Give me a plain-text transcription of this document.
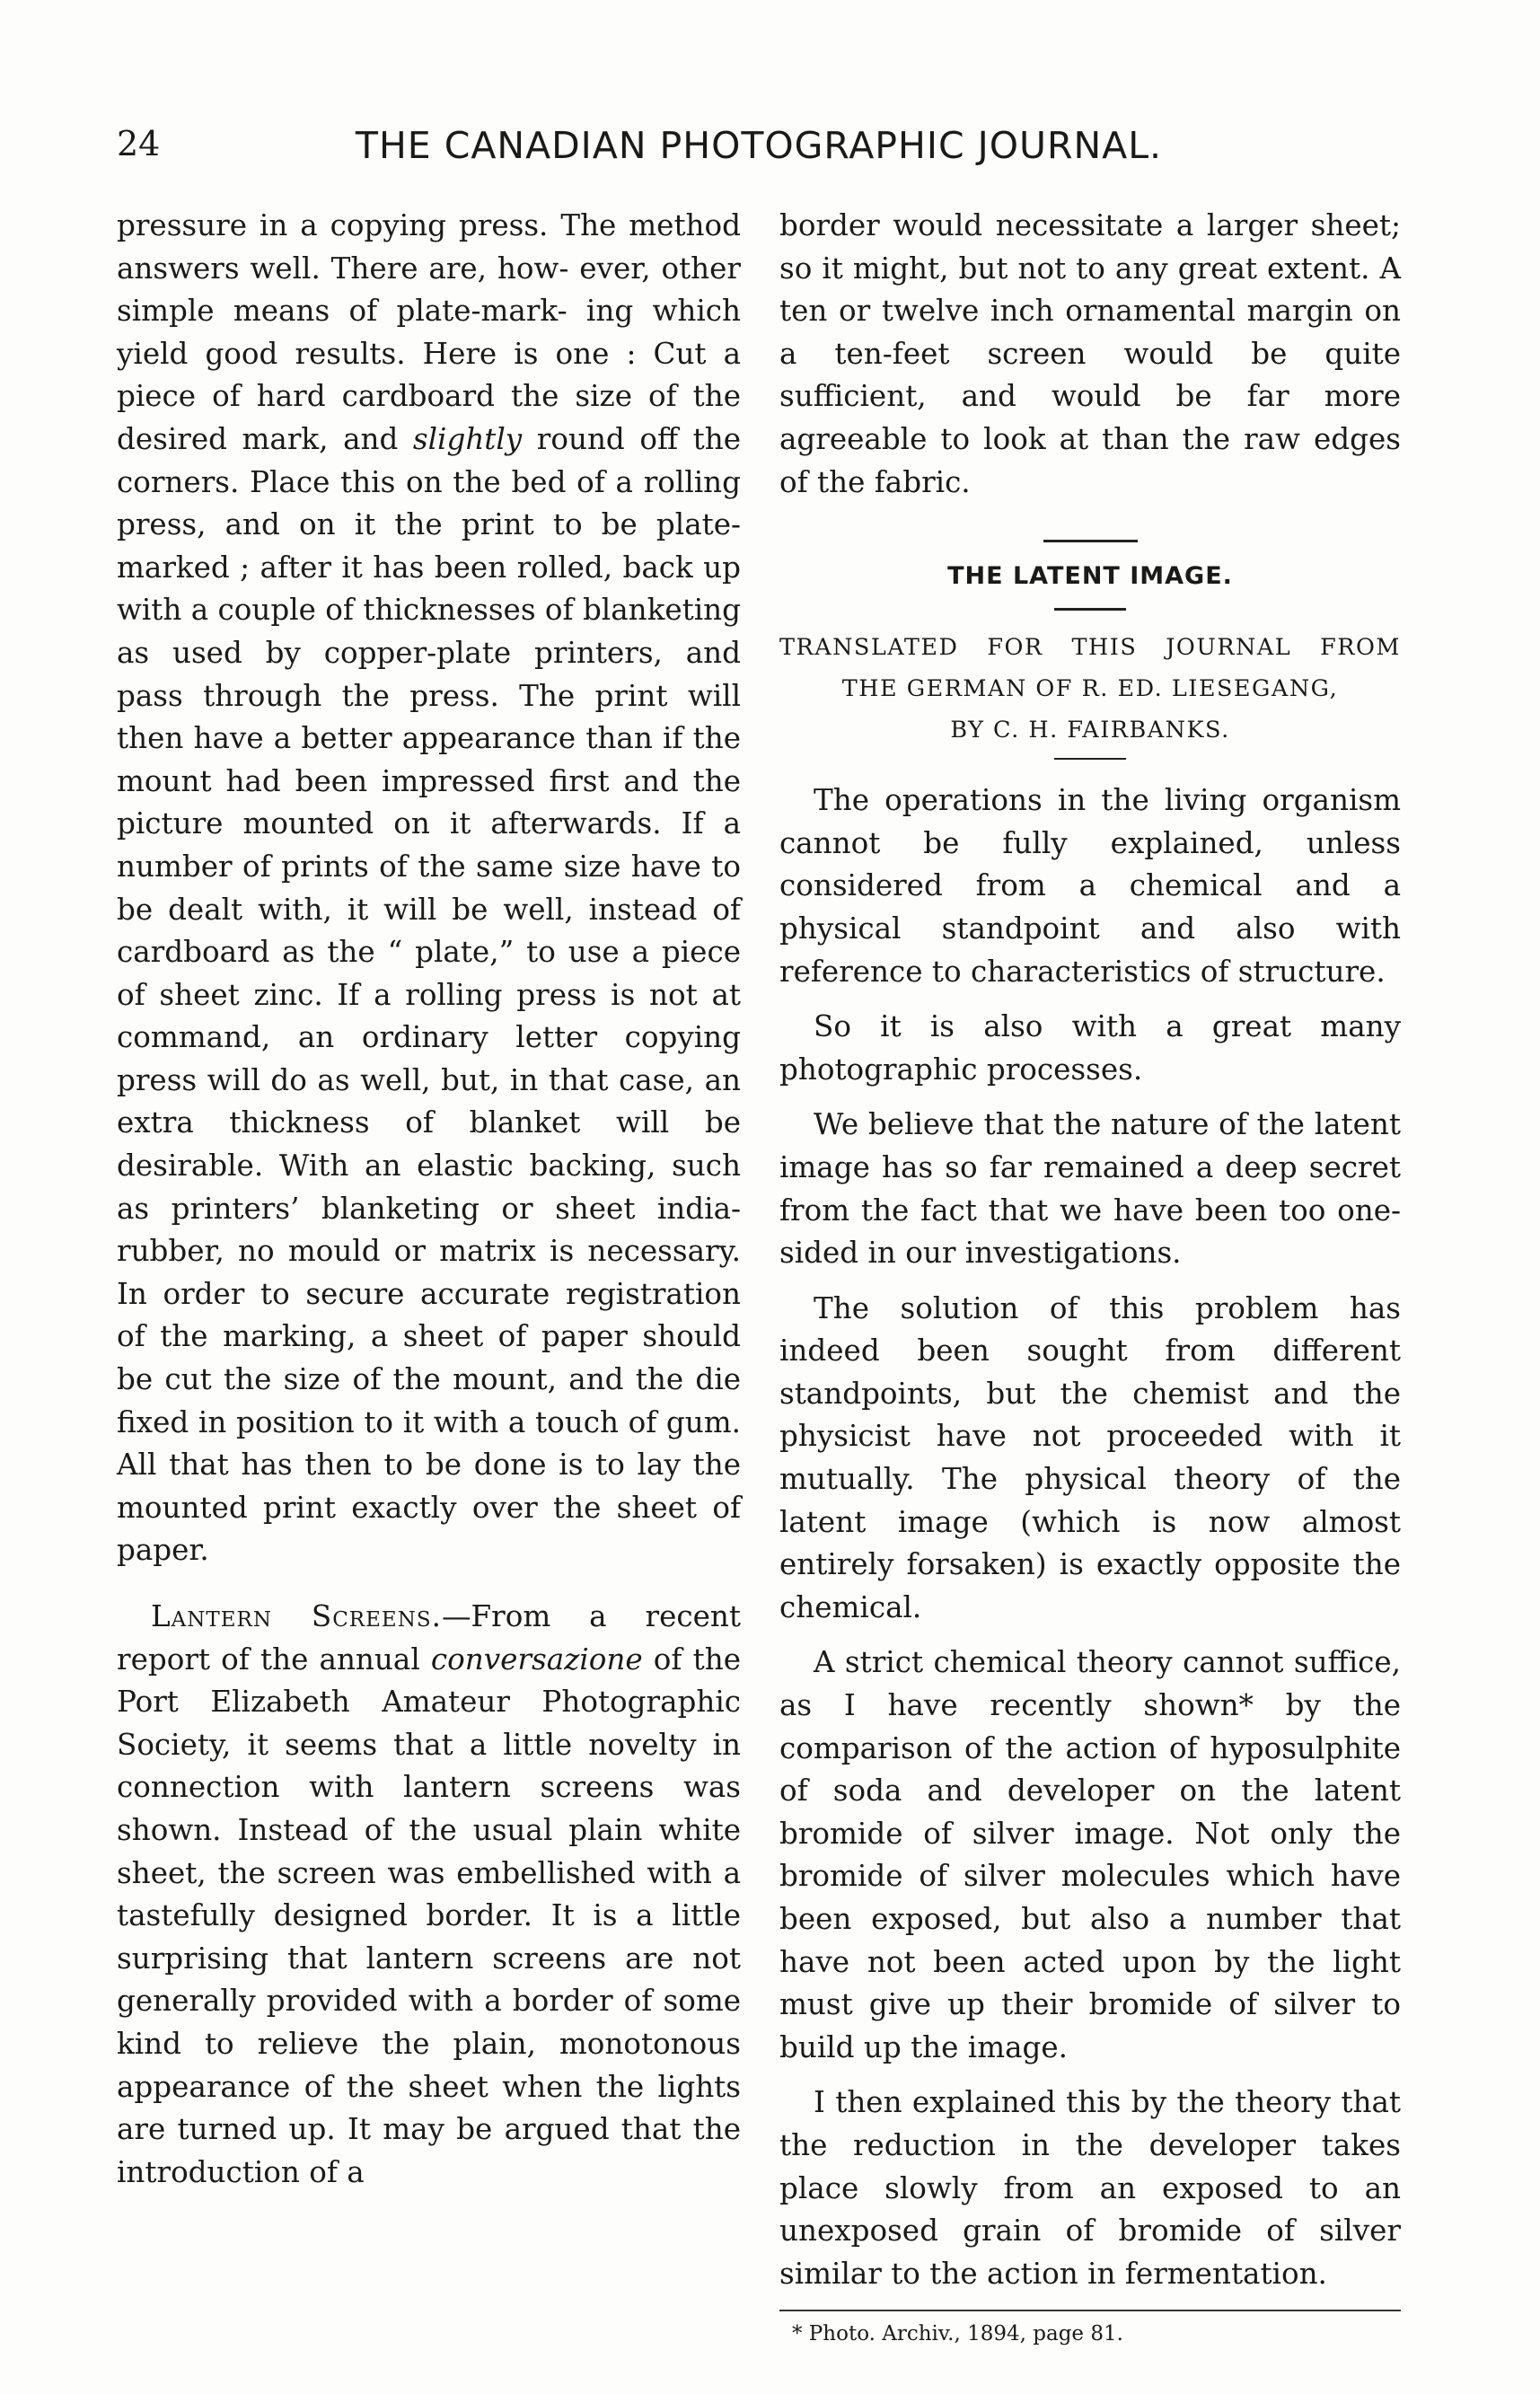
24	THE CANADIAN PHOTOGRAPHIC JOURNAL.

pressure in a copying press. The method answers well. There are, how- ever, other simple means of plate-mark- ing which yield good results. Here is one : Cut a piece of hard cardboard the size of the desired mark, and slightly round off the corners. Place this on the bed of a rolling press, and on it the print to be plate-marked ; after it has been rolled, back up with a couple of thicknesses of blanketing as used by copper-plate printers, and pass through the press. The print will then have a better appearance than if the mount had been impressed first and the picture mounted on it afterwards. If a number of prints of the same size have to be dealt with, it will be well, instead of cardboard as the “ plate,” to use a piece of sheet zinc. If a rolling press is not at command, an ordinary letter copying press will do as well, but, in that case, an extra thickness of blanket will be desirable. With an elastic backing, such as printers’ blanketing or sheet india-rubber, no mould or matrix is necessary. In order to secure accurate registration of the marking, a sheet of paper should be cut the size of the mount, and the die fixed in position to it with a touch of gum. All that has then to be done is to lay the mounted print exactly over the sheet of paper.

Lantern Screens.—From a recent report of the annual conversazione of the Port Elizabeth Amateur Photographic Society, it seems that a little novelty in connection with lantern screens was shown. Instead of the usual plain white sheet, the screen was embellished with a tastefully designed border. It is a little surprising that lantern screens are not generally provided with a border of some kind to relieve the plain, monotonous appearance of the sheet when the lights are turned up. It may be argued that the introduction of a

border would necessitate a larger sheet; so it might, but not to any great extent. A ten or twelve inch ornamental margin on a ten-feet screen would be quite sufficient, and would be far more agreeable to look at than the raw edges of the fabric.

THE LATENT IMAGE.

TRANSLATED FOR THIS JOURNAL FROM

THE GERMAN OF R. ED. LIESEGANG,

BY C. H. FAIRBANKS.

The operations in the living organism cannot be fully explained, unless considered from a chemical and a physical standpoint and also with reference to characteristics of structure.

So it is also with a great many photographic processes.

We believe that the nature of the latent image has so far remained a deep secret from the fact that we have been too one-sided in our investigations.

The solution of this problem has indeed been sought from different standpoints, but the chemist and the physicist have not proceeded with it mutually. The physical theory of the latent image (which is now almost entirely forsaken) is exactly opposite the chemical.

A strict chemical theory cannot suffice, as I have recently shown* by the comparison of the action of hyposulphite of soda and developer on the latent bromide of silver image. Not only the bromide of silver molecules which have been exposed, but also a number that have not been acted upon by the light must give up their bromide of silver to build up the image.

I then explained this by the theory that the reduction in the developer takes place slowly from an exposed to an unexposed grain of bromide of silver similar to the action in fermentation.

* Photo. Archiv., 1894, page 81.
